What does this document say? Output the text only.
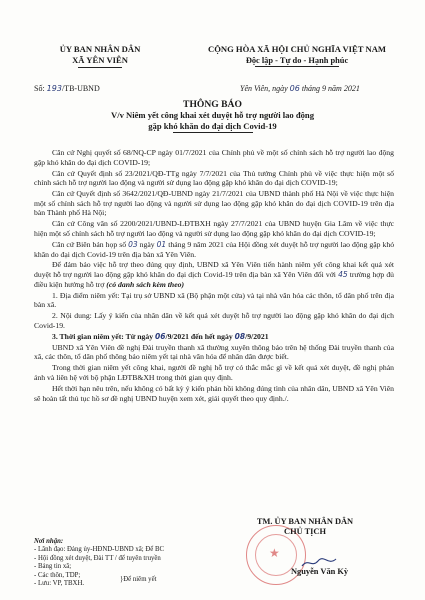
ỦY BAN NHÂN DÂN
XÃ YÊN VIÊN
CỘNG HÒA XÃ HỘI CHỦ NGHĨA VIỆT NAM
Độc lập - Tự do - Hạnh phúc
Số: 193/TB-UBND	Yên Viên, ngày 06 tháng 9 năm 2021
THÔNG BÁO
V/v Niêm yết công khai xét duyệt hỗ trợ người lao động
gặp khó khăn do đại dịch Covid-19

Căn cứ Nghị quyết số 68/NQ-CP ngày 01/7/2021 của Chính phủ về một số chính sách hỗ trợ người lao động gặp khó khăn do đại dịch COVID-19;

Căn cứ Quyết định số 23/2021/QĐ-TTg ngày 7/7/2021 của Thủ tướng Chính phủ về việc thực hiện một số chính sách hỗ trợ người lao động và người sử dụng lao động gặp khó khăn do đại dịch COVID-19;

Căn cứ Quyết định số 3642/2021/QĐ-UBND ngày 21/7/2021 của UBND thành phố Hà Nội về việc thực hiện một số chính sách hỗ trợ người lao động và người sử dụng lao động gặp khó khăn do đại dịch COVID-19 trên địa bàn Thành phố Hà Nội;

Căn cứ Công văn số 2200/2021/UBND-LĐTBXH ngày 27/7/2021 của UBND huyện Gia Lâm về việc thực hiện một số chính sách hỗ trợ người lao động và người sử dụng lao động gặp khó khăn do đại dịch COVID-19;

Căn cứ Biên bản họp số 03 ngày 01 tháng 9 năm 2021 của Hội đồng xét duyệt hỗ trợ người lao động gặp khó khăn do đại dịch Covid-19 trên địa bàn xã Yên Viên.

Để đảm bảo việc hỗ trợ theo đúng quy định, UBND xã Yên Viên tiến hành niêm yết công khai kết quả xét duyệt hỗ trợ người lao động gặp khó khăn do đại dịch Covid-19 trên địa bàn xã Yên Viên đối với 45 trường hợp đủ điều kiện hưởng hỗ trợ (có danh sách kèm theo)

1. Địa điểm niêm yết: Tại trụ sở UBND xã (Bộ phận một cửa) và tại nhà văn hóa các thôn, tổ dân phố trên địa bàn xã.

2. Nội dung: Lấy ý kiến của nhân dân về kết quả xét duyệt hỗ trợ người lao động gặp khó khăn do đại dịch Covid-19.

3. Thời gian niêm yết: Từ ngày 06/9/2021 đến hết ngày 08/9/2021

UBND xã Yên Viên đề nghị Đài truyền thanh xã thường xuyên thông báo trên hệ thống Đài truyền thanh của xã, các thôn, tổ dân phố thông báo niêm yết tại nhà văn hóa để nhân dân được biết.

Trong thời gian niêm yết công khai, người đề nghị hỗ trợ có thắc mắc gì về kết quả xét duyệt, đề nghị phản ánh và liên hệ với bộ phận LĐTB&XH trong thời gian quy định.

Hết thời hạn nêu trên, nếu không có bất kỳ ý kiến phản hồi không đúng tình của nhân dân, UBND xã Yên Viên sẽ hoàn tất thủ tục hồ sơ đề nghị UBND huyện xem xét, giải quyết theo quy định./.

Nơi nhận:
- Lãnh đạo: Đảng ủy-HĐND-UBND xã; Để BC
- Hội đồng xét duyệt, Đài TT / để tuyên truyền
- Bảng tin xã;
- Các thôn, TDP;
- Lưu: VP, TBXH.
}Để niêm yết
★
TM. ỦY BAN NHÂN DÂN
CHỦ TỊCH
Nguyễn Văn Kỳ
